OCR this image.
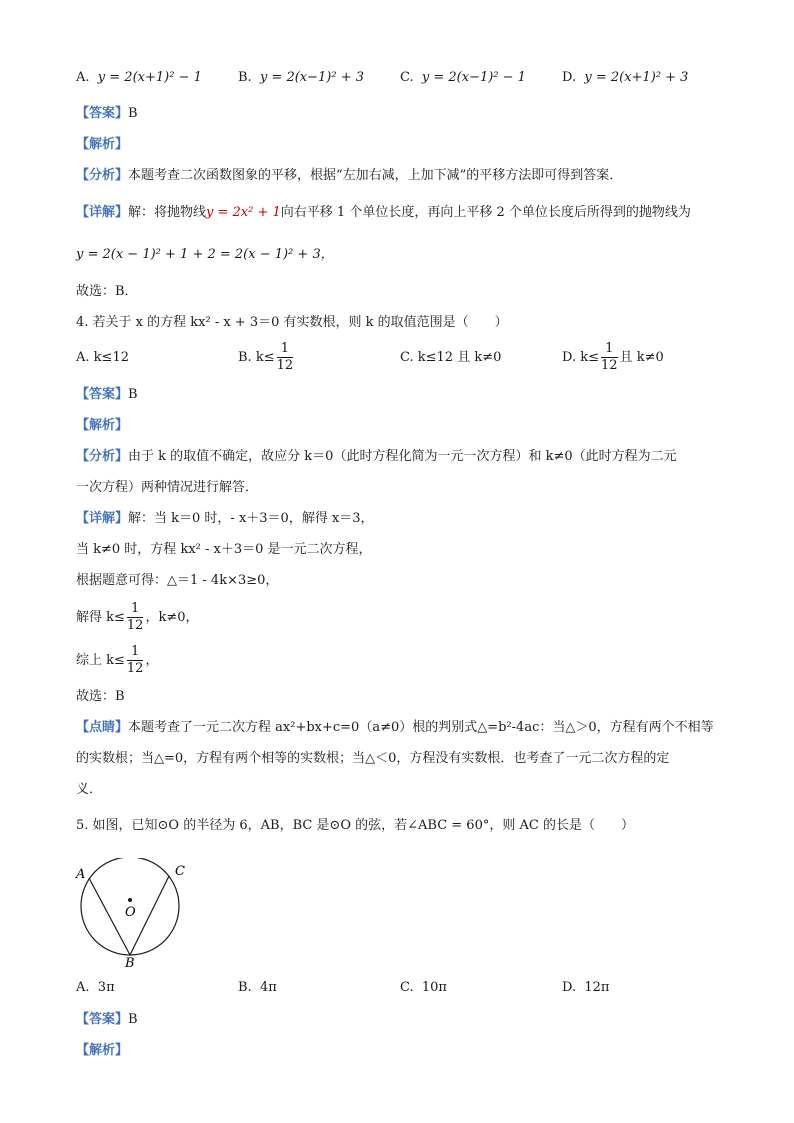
A. y = 2(x+1)² − 1	B. y = 2(x−1)² + 3	C. y = 2(x−1)² − 1	D. y = 2(x+1)² + 3
【答案】B
【解析】
【分析】本题考查二次函数图象的平移，根据“左加右减，上加下减”的平移方法即可得到答案．
【详解】解：将抛物线y = 2x² + 1向右平移 1 个单位长度，再向上平移 2 个单位长度后所得到的抛物线为
y = 2(x − 1)² + 1 + 2 = 2(x − 1)² + 3，
故选：B．
4. 若关于 x 的方程 kx² - x + 3＝0 有实数根，则 k 的取值范围是（　　）
A. k≤12	B. $k\le \frac{1}{12}$	C. k≤12 且 k≠0	D. $k\le \frac{1}{12}$ 且 k≠0
【答案】B
【解析】
【分析】由于 k 的取值不确定，故应分 k＝0（此时方程化简为一元一次方程）和 k≠0（此时方程为二元
一次方程）两种情况进行解答．
【详解】解：当 k＝0 时，- x＋3＝0，解得 x＝3，
当 k≠0 时，方程 kx² - x＋3＝0 是一元二次方程，
根据题意可得：△＝1 - 4k×3≥0，
解得 $k\le \frac{1}{12}$ ，k≠0，
综上 $k\le \frac{1}{12}$ ，
故选：B
【点睛】本题考查了一元二次方程 ax²+bx+c=0（a≠0）根的判别式△=b²-4ac：当△＞0，方程有两个不相等
的实数根；当△=0，方程有两个相等的实数根；当△＜0，方程没有实数根．也考查了一元二次方程的定
义．
5. 如图，已知⊙O 的半径为 6，AB，BC 是⊙O 的弦，若∠ABC = 60°，则 AC 的长是（　　）
A	C
O
B
A. 3π	B. 4π	C. 10π	D. 12π
【答案】B
【解析】
